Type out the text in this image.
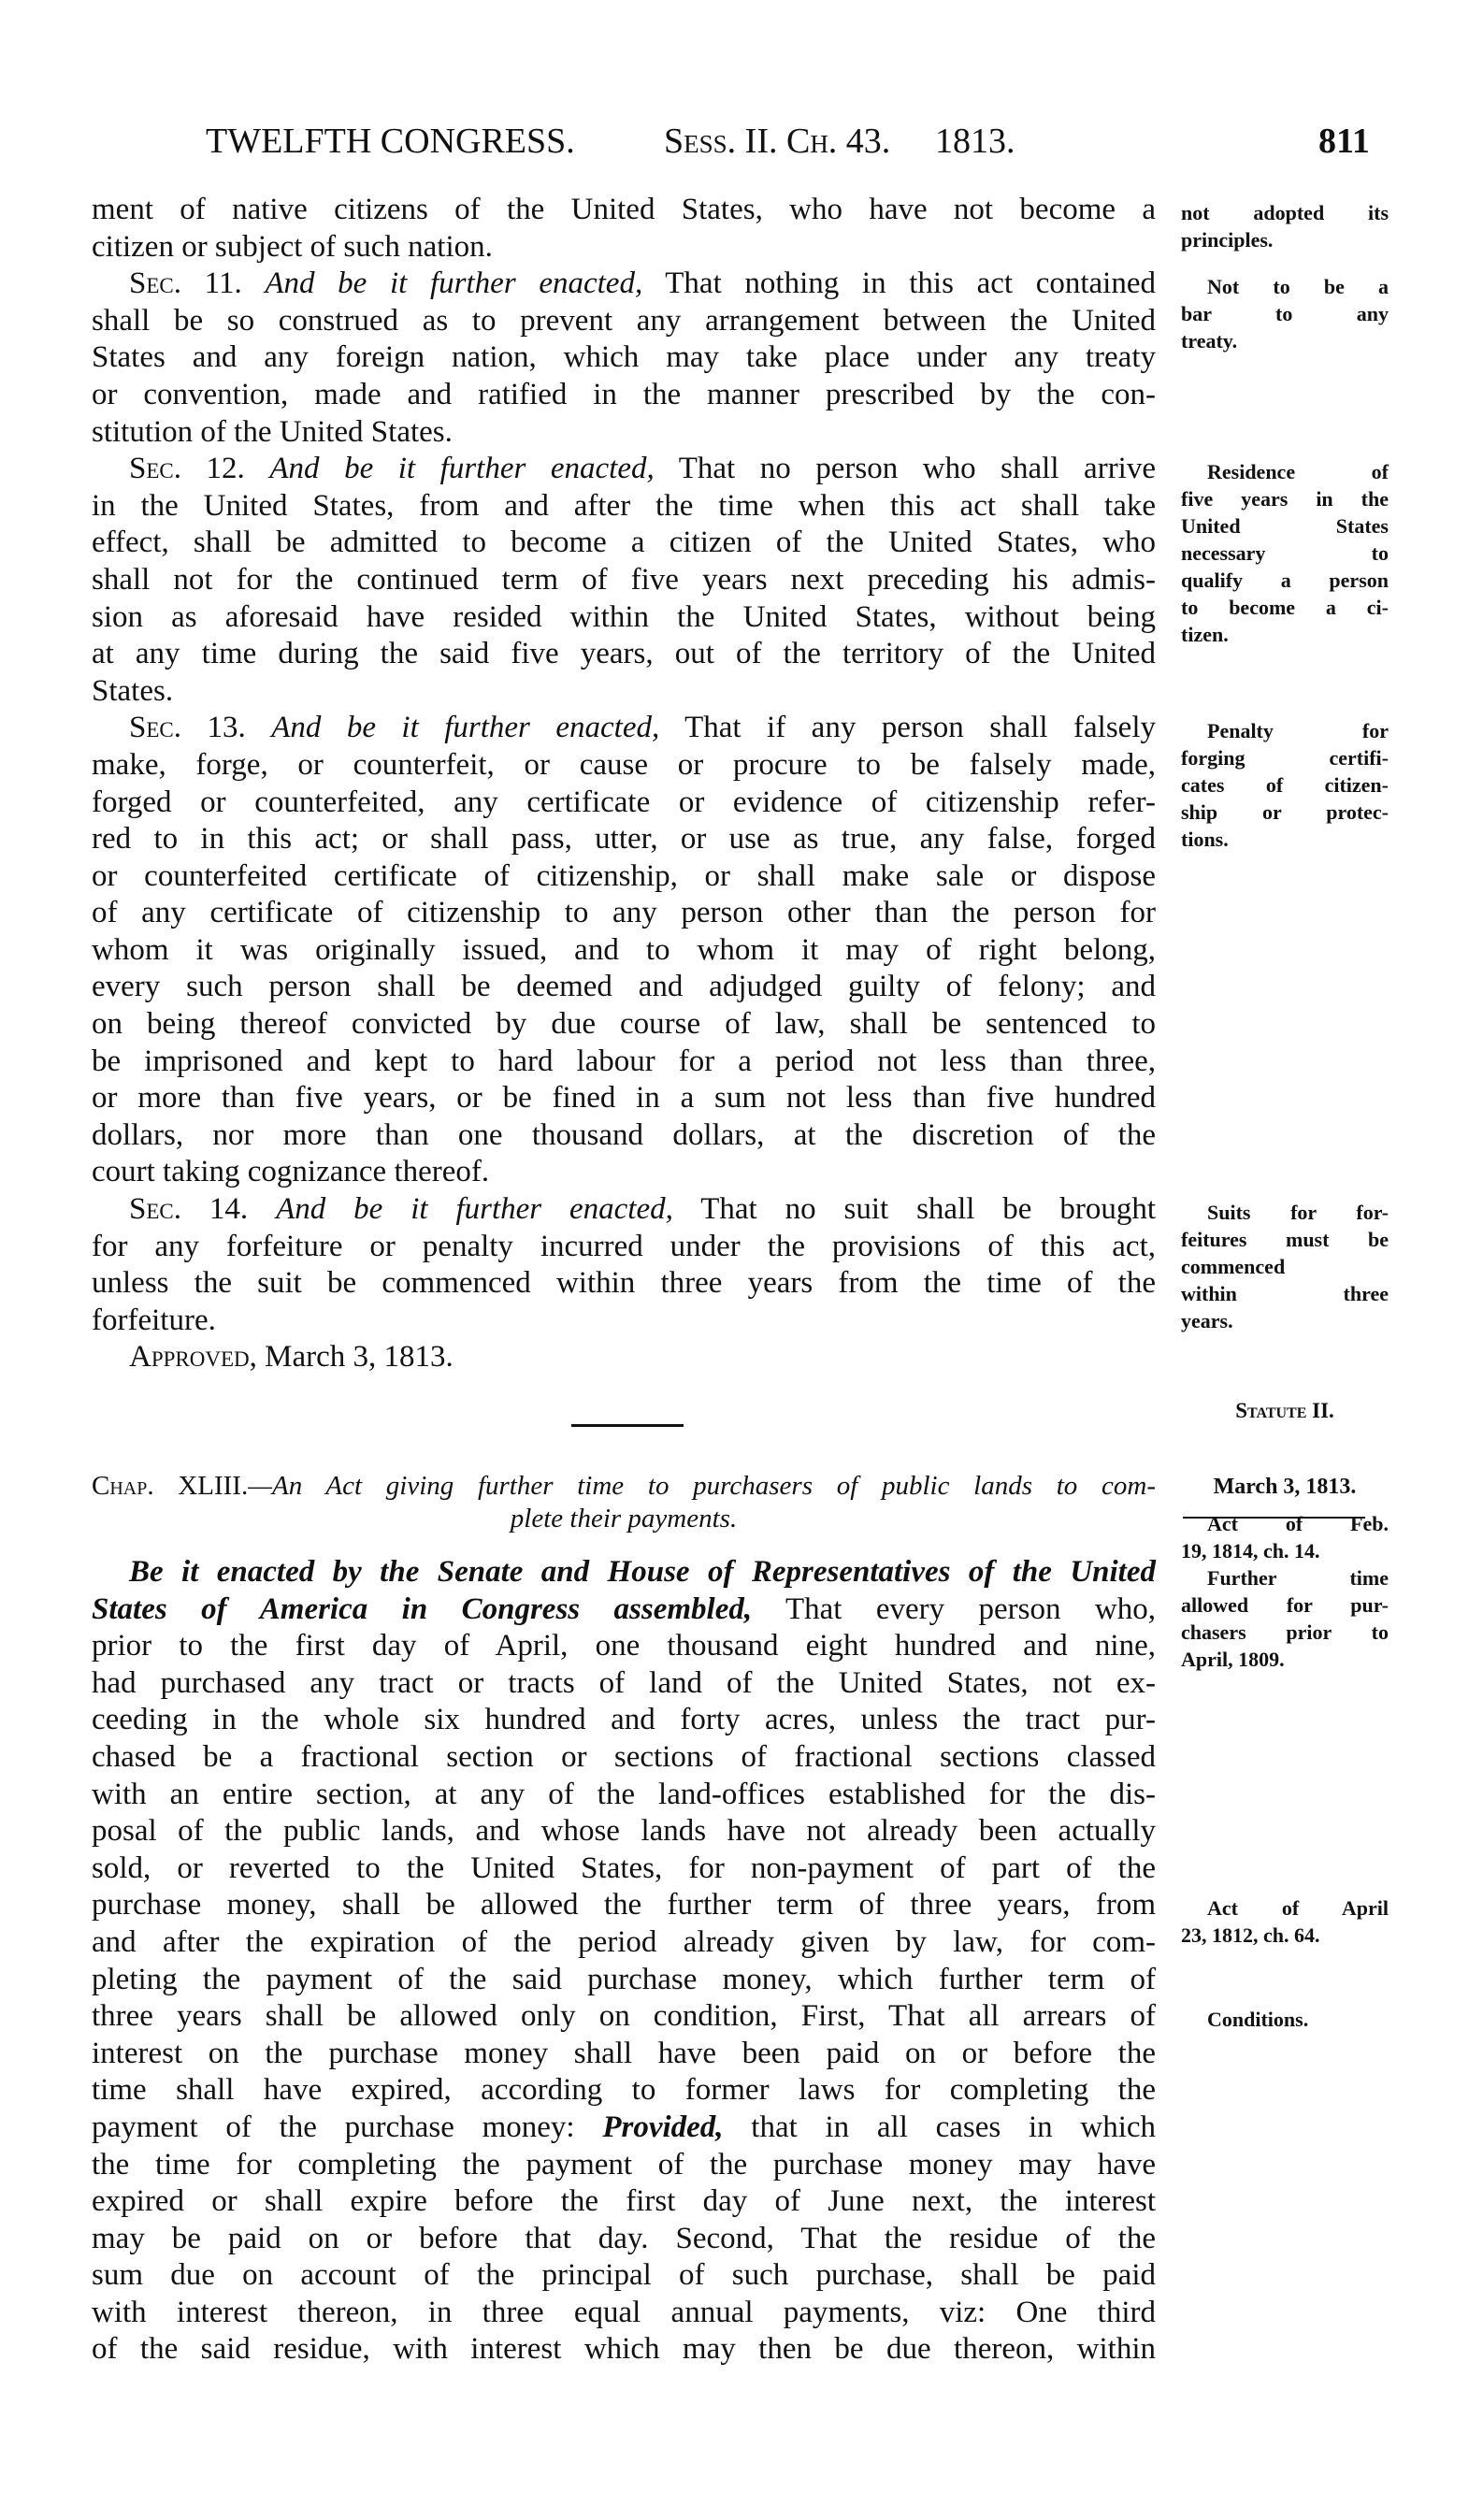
TWELFTH CONGRESS.	Sess. II. Ch. 43. 1813.	811
ment of native citizens of the United States, who have not become a
citizen or subject of such nation.
Sec. 11. And be it further enacted, That nothing in this act contained
shall be so construed as to prevent any arrangement between the United
States and any foreign nation, which may take place under any treaty
or convention, made and ratified in the manner prescribed by the con-
stitution of the United States.
Sec. 12. And be it further enacted, That no person who shall arrive
in the United States, from and after the time when this act shall take
effect, shall be admitted to become a citizen of the United States, who
shall not for the continued term of five years next preceding his admis-
sion as aforesaid have resided within the United States, without being
at any time during the said five years, out of the territory of the United
States.
Sec. 13. And be it further enacted, That if any person shall falsely
make, forge, or counterfeit, or cause or procure to be falsely made,
forged or counterfeited, any certificate or evidence of citizenship refer-
red to in this act; or shall pass, utter, or use as true, any false, forged
or counterfeited certificate of citizenship, or shall make sale or dispose
of any certificate of citizenship to any person other than the person for
whom it was originally issued, and to whom it may of right belong,
every such person shall be deemed and adjudged guilty of felony; and
on being thereof convicted by due course of law, shall be sentenced to
be imprisoned and kept to hard labour for a period not less than three,
or more than five years, or be fined in a sum not less than five hundred
dollars, nor more than one thousand dollars, at the discretion of the
court taking cognizance thereof.
Sec. 14. And be it further enacted, That no suit shall be brought
for any forfeiture or penalty incurred under the provisions of this act,
unless the suit be commenced within three years from the time of the
forfeiture.
Approved, March 3, 1813.
Chap. XLIII.—An Act giving further time to purchasers of public lands to com-
plete their payments.
Be it enacted by the Senate and House of Representatives of the United
States of America in Congress assembled, That every person who,
prior to the first day of April, one thousand eight hundred and nine,
had purchased any tract or tracts of land of the United States, not ex-
ceeding in the whole six hundred and forty acres, unless the tract pur-
chased be a fractional section or sections of fractional sections classed
with an entire section, at any of the land-offices established for the dis-
posal of the public lands, and whose lands have not already been actually
sold, or reverted to the United States, for non-payment of part of the
purchase money, shall be allowed the further term of three years, from
and after the expiration of the period already given by law, for com-
pleting the payment of the said purchase money, which further term of
three years shall be allowed only on condition, First, That all arrears of
interest on the purchase money shall have been paid on or before the
time shall have expired, according to former laws for completing the
payment of the purchase money: Provided, that in all cases in which
the time for completing the payment of the purchase money may have
expired or shall expire before the first day of June next, the interest
may be paid on or before that day. Second, That the residue of the
sum due on account of the principal of such purchase, shall be paid
with interest thereon, in three equal annual payments, viz: One third
of the said residue, with interest which may then be due thereon, within
Statute II.
March 3, 1813.
not adopted its
principles.
Not to be a
bar to any
treaty.
Residence of
five years in the
United States
necessary to
qualify a person
to become a ci-
tizen.
Penalty for
forging certifi-
cates of citizen-
ship or protec-
tions.
Suits for for-
feitures must be
commenced
within three
years.
Act of Feb.
19, 1814, ch. 14.
Further time
allowed for pur-
chasers prior to
April, 1809.
Act of April
23, 1812, ch. 64.
Conditions.
